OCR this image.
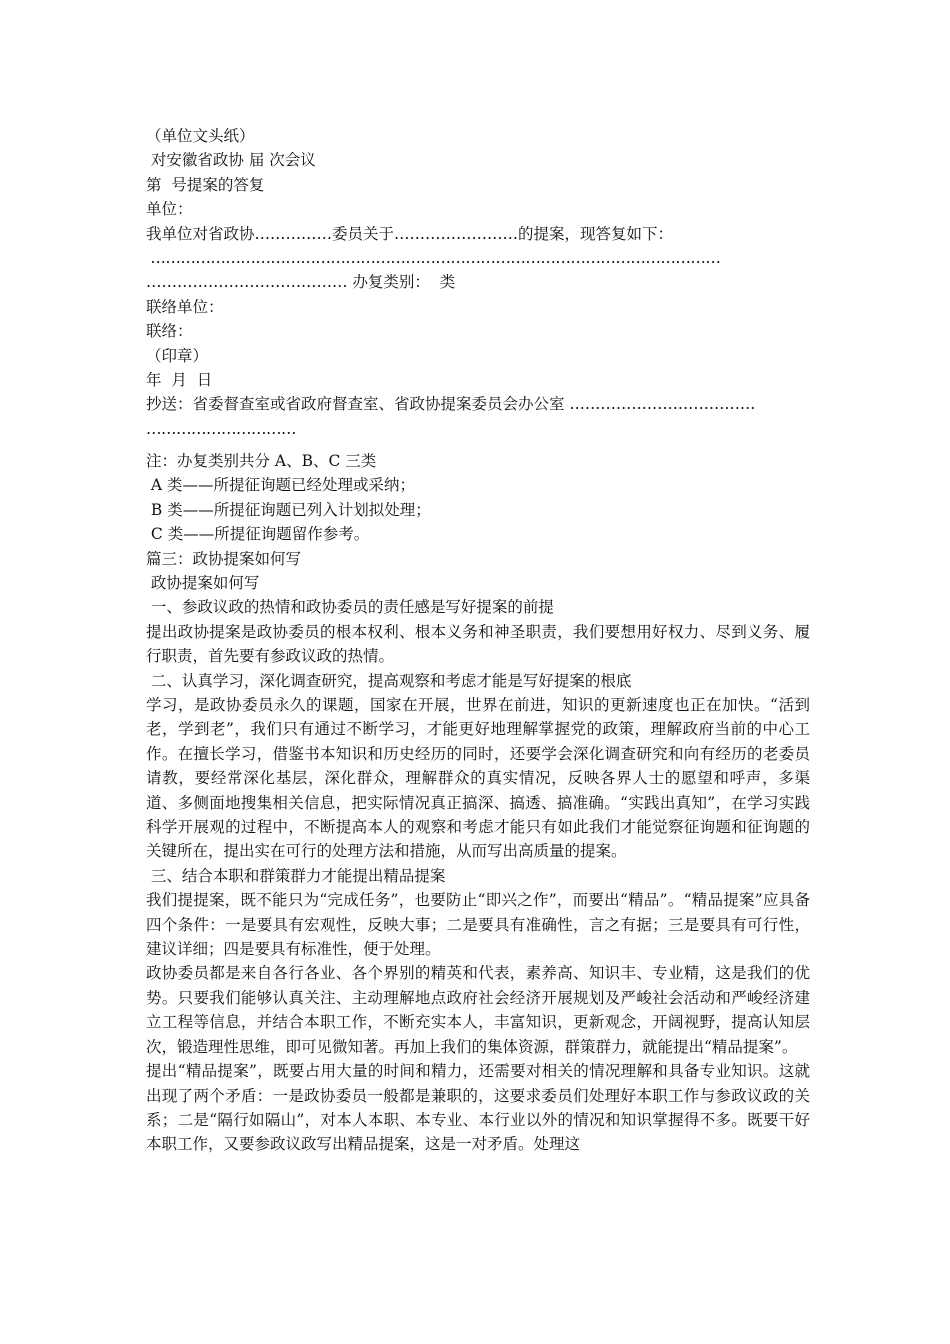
（单位文头纸）
对安徽省政协 届 次会议
第  号提案的答复
单位：
我单位对省政协……………委员关于……………………的提案，现答复如下：
……………………………………………………………………………………………………
………………………………… 办复类别：  类
联络单位：
联络：
（印章）
年  月  日
抄送：省委督查室或省政府督查室、省政协提案委员会办公室 ………………………………
…………………………
注：办复类别共分 A、B、C 三类
A 类——所提征询题已经处理或采纳；
B 类——所提征询题已列入计划拟处理；
C 类——所提征询题留作参考。
篇三：政协提案如何写
政协提案如何写
一、参政议政的热情和政协委员的责任感是写好提案的前提
提出政协提案是政协委员的根本权利、根本义务和神圣职责，我们要想用好权力、尽到义务、履行职责，首先要有参政议政的热情。
二、认真学习，深化调查研究，提高观察和考虑才能是写好提案的根底
学习，是政协委员永久的课题，国家在开展，世界在前进，知识的更新速度也正在加快。“活到老，学到老”，我们只有通过不断学习，才能更好地理解掌握党的政策，理解政府当前的中心工作。在擅长学习，借鉴书本知识和历史经历的同时，还要学会深化调查研究和向有经历的老委员请教，要经常深化基层，深化群众，理解群众的真实情况，反映各界人士的愿望和呼声，多渠道、多侧面地搜集相关信息，把实际情况真正搞深、搞透、搞准确。“实践出真知”，在学习实践科学开展观的过程中，不断提高本人的观察和考虑才能只有如此我们才能觉察征询题和征询题的关键所在，提出实在可行的处理方法和措施，从而写出高质量的提案。
三、结合本职和群策群力才能提出精品提案
我们提提案，既不能只为“完成任务”，也要防止“即兴之作”，而要出“精品”。“精品提案”应具备四个条件：一是要具有宏观性，反映大事；二是要具有准确性，言之有据；三是要具有可行性，建议详细；四是要具有标准性，便于处理。
政协委员都是来自各行各业、各个界别的精英和代表，素养高、知识丰、专业精，这是我们的优势。只要我们能够认真关注、主动理解地点政府社会经济开展规划及严峻社会活动和严峻经济建立工程等信息，并结合本职工作，不断充实本人，丰富知识，更新观念，开阔视野，提高认知层次，锻造理性思维，即可见微知著。再加上我们的集体资源，群策群力，就能提出“精品提案”。
提出“精品提案”，既要占用大量的时间和精力，还需要对相关的情况理解和具备专业知识。这就出现了两个矛盾：一是政协委员一般都是兼职的，这要求委员们处理好本职工作与参政议政的关系；二是“隔行如隔山”，对本人本职、本专业、本行业以外的情况和知识掌握得不多。既要干好本职工作，又要参政议政写出精品提案，这是一对矛盾。处理这
